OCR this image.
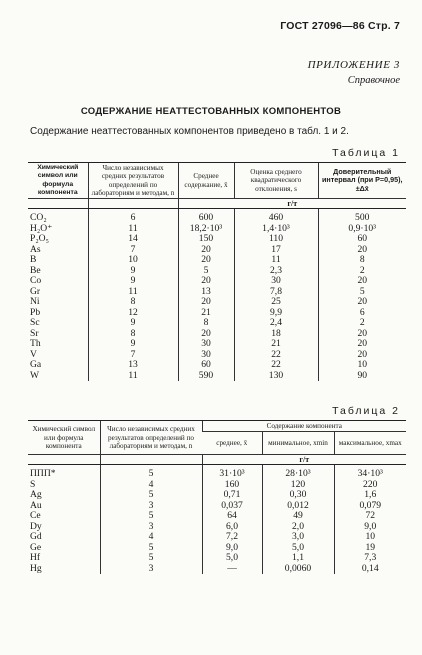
ГОСТ 27096—86 Стр. 7
ПРИЛОЖЕНИЕ 3
Справочное
СОДЕРЖАНИЕ НЕАТТЕСТОВАННЫХ КОМПОНЕНТОВ
Содержание неаттестованных компонентов приведено в табл. 1 и 2.
Таблица 1
Химический символ или формула компонента	Число независимых средних результатов определений по лабораториям и методам, n	Среднее содержание, x̄	Оценка среднего квадратического отклонения, s	Доверительный интервал (при P=0,95), ±Δx̄
		г/т		
CO₂	6	600	460	500
H₂O⁺	11	18,2·10³	1,4·10³	0,9·10³
P₂O₅	14	150	110	60
As	7	20	17	20
B	10	20	11	8
Be	9	5	2,3	2
Co	9	20	30	20
Gr	11	13	7,8	5
Ni	8	20	25	20
Pb	12	21	9,9	6
Sc	9	8	2,4	2
Sr	8	20	18	20
Th	9	30	21	20
V	7	30	22	20
Ga	13	60	22	10
W	11	590	130	90
Таблица 2
Химический символ или формула компонента	Число независимых средних результатов определений по лабораториям и методам, n	Содержание компонента		
		среднее, x̄	минимальное, xmin	максимальное, xmax
		г/т		
ППП*	5	31·10³	28·10³	34·10³
S	4	160	120	220
Ag	5	0,71	0,30	1,6
Au	3	0,037	0,012	0,079
Ce	5	64	49	72
Dy	3	6,0	2,0	9,0
Gd	4	7,2	3,0	10
Ge	5	9,0	5,0	19
Hf	5	5,0	1,1	7,3
Hg	3	—	0,0060	0,14
